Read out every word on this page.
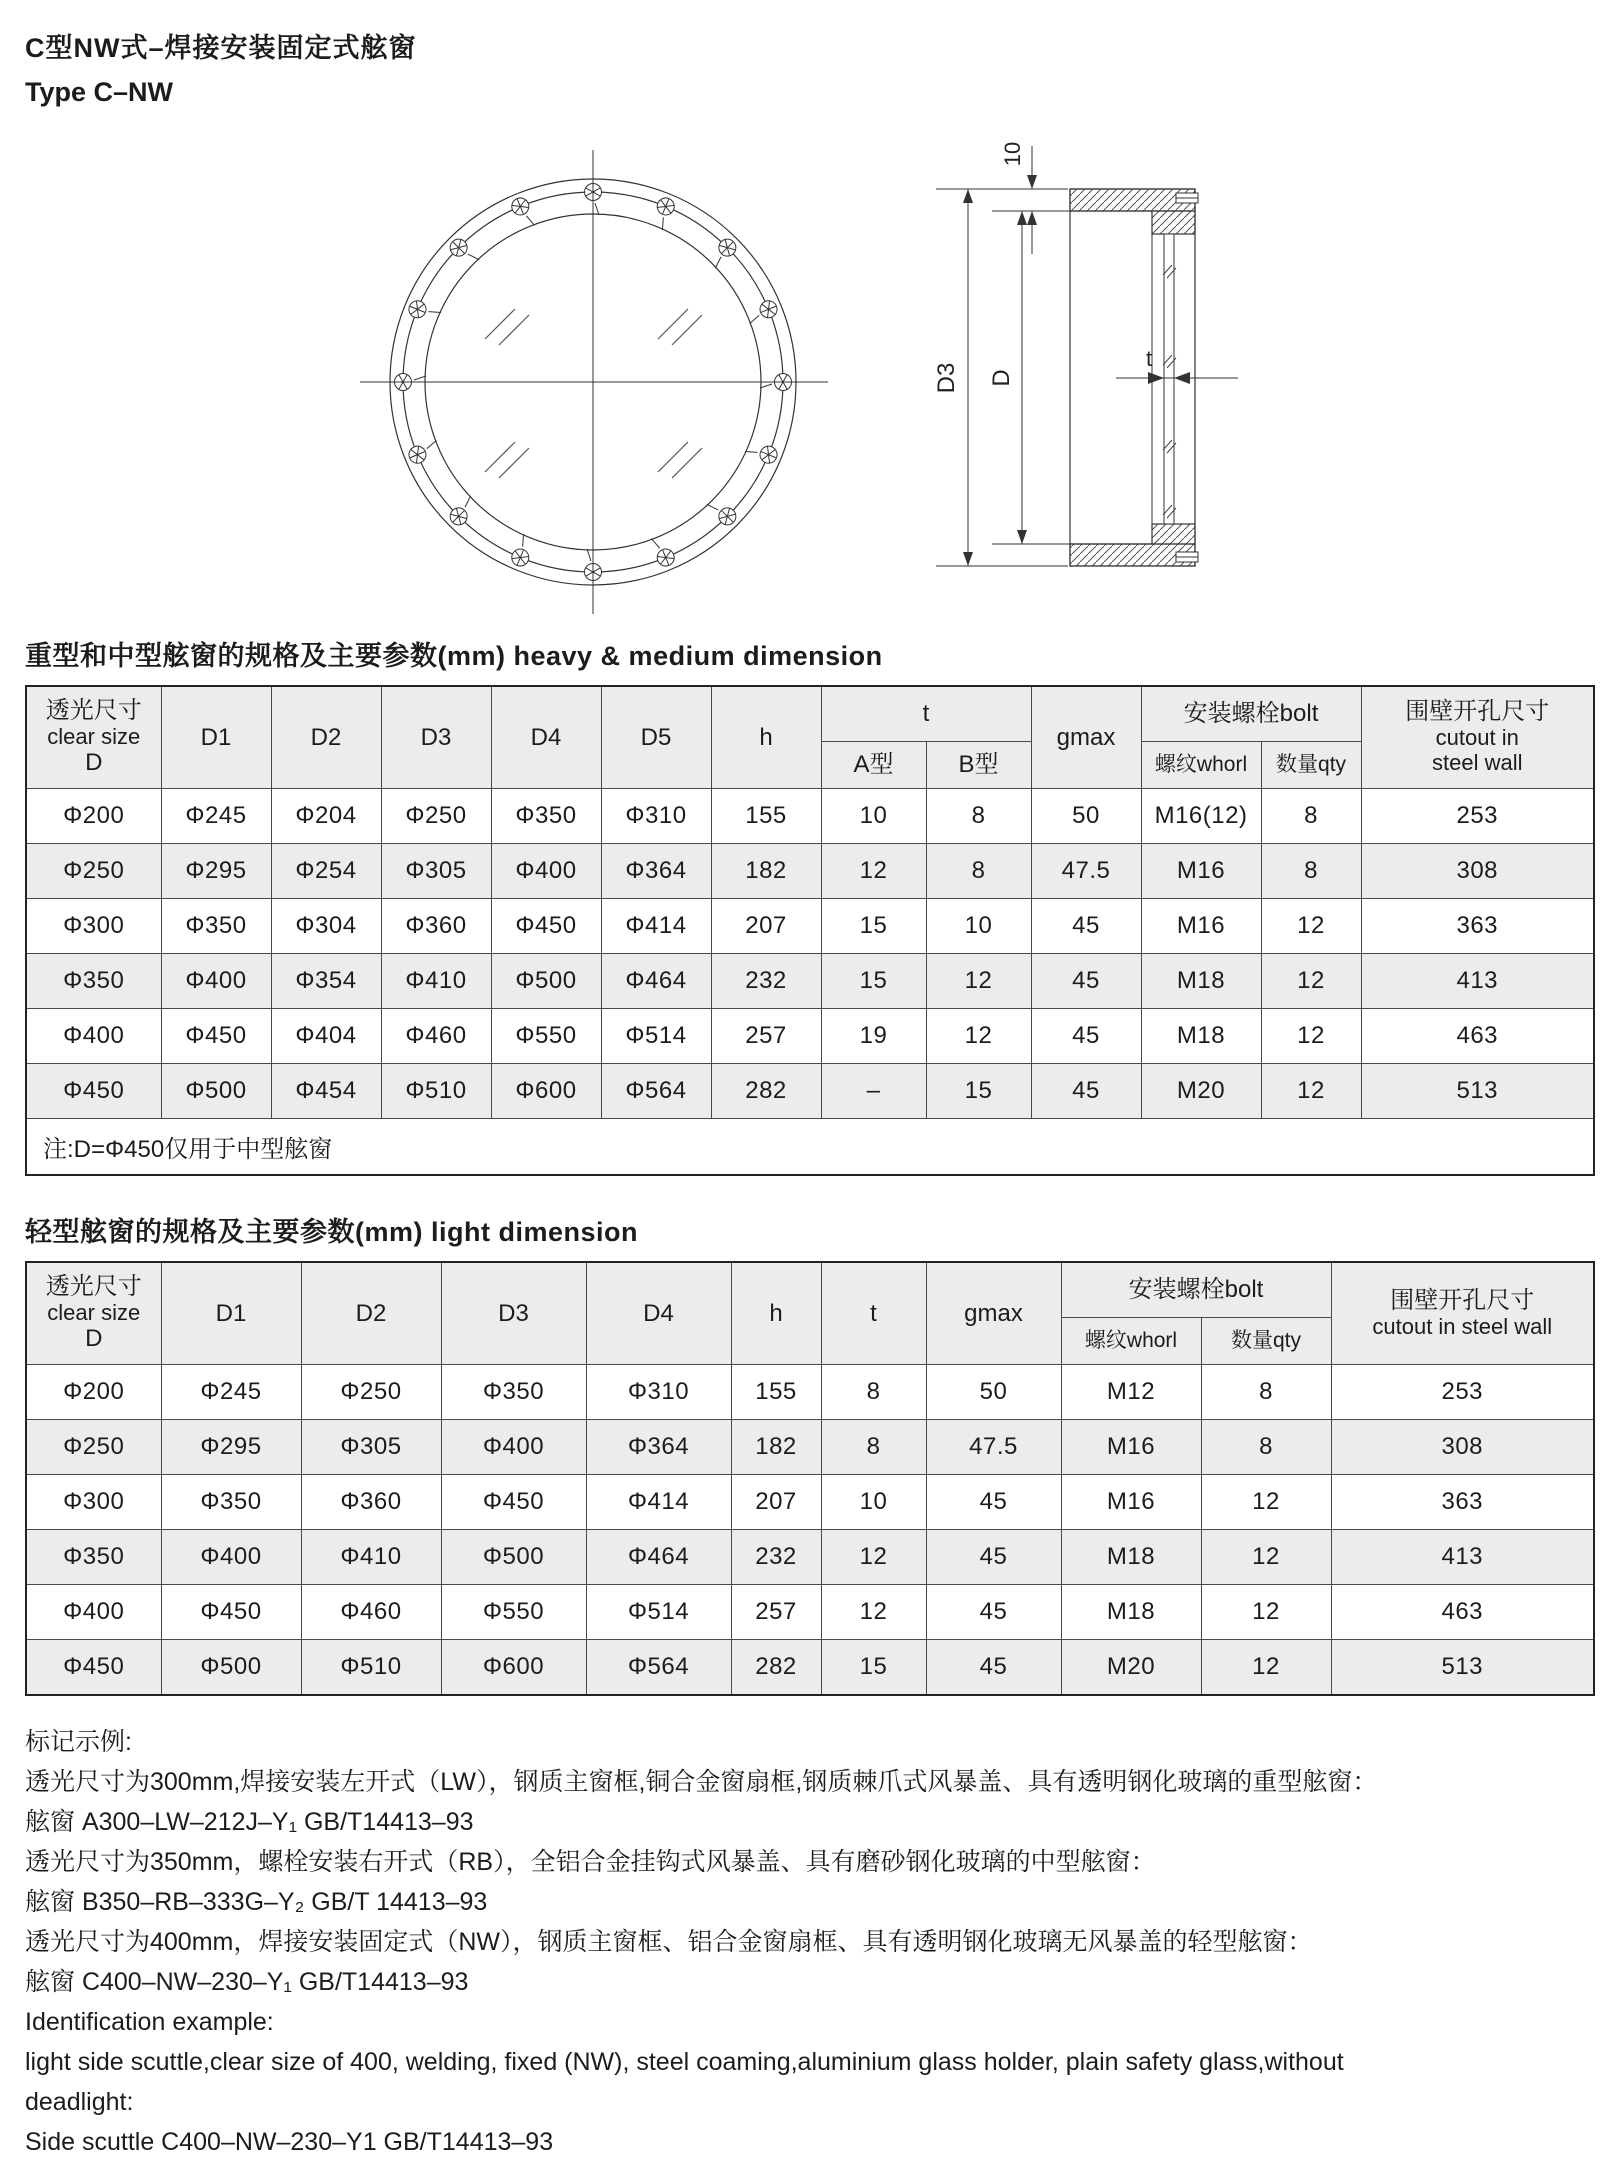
C型NW式–焊接安装固定式舷窗
Type C–NW
D3 D
10
t
重型和中型舷窗的规格及主要参数(mm) heavy & medium dimension
透光尺寸
clear size
D	D1	D2	D3	D4	D5	h	t		gmax	安装螺栓bolt		围壁开孔尺寸
cutout in
steel wall

							A型	B型		螺纹whorl	数量qty	
Φ200	Φ245	Φ204	Φ250	Φ350	Φ310	155	10	8	50	M16(12)	8	253
Φ250	Φ295	Φ254	Φ305	Φ400	Φ364	182	12	8	47.5	M16	8	308
Φ300	Φ350	Φ304	Φ360	Φ450	Φ414	207	15	10	45	M16	12	363
Φ350	Φ400	Φ354	Φ410	Φ500	Φ464	232	15	12	45	M18	12	413
Φ400	Φ450	Φ404	Φ460	Φ550	Φ514	257	19	12	45	M18	12	463
Φ450	Φ500	Φ454	Φ510	Φ600	Φ564	282	–	15	45	M20	12	513
注:D=Φ450仅用于中型舷窗												
轻型舷窗的规格及主要参数(mm) light dimension
透光尺寸
clear size
D	D1	D2	D3	D4	h	t	gmax	安装螺栓bolt		围壁开孔尺寸
cutout in steel wall

								螺纹whorl	数量qty	
Φ200	Φ245	Φ250	Φ350	Φ310	155	8	50	M12	8	253
Φ250	Φ295	Φ305	Φ400	Φ364	182	8	47.5	M16	8	308
Φ300	Φ350	Φ360	Φ450	Φ414	207	10	45	M16	12	363
Φ350	Φ400	Φ410	Φ500	Φ464	232	12	45	M18	12	413
Φ400	Φ450	Φ460	Φ550	Φ514	257	12	45	M18	12	463
Φ450	Φ500	Φ510	Φ600	Φ564	282	15	45	M20	12	513

标记示例:

透光尺寸为300mm,焊接安装左开式（LW），钢质主窗框,铜合金窗扇框,钢质棘爪式风暴盖、具有透明钢化玻璃的重型舷窗：

舷窗 A300–LW–212J–Y₁ GB/T14413–93

透光尺寸为350mm，螺栓安装右开式（RB），全铝合金挂钩式风暴盖、具有磨砂钢化玻璃的中型舷窗：

舷窗 B350–RB–333G–Y₂ GB/T 14413–93

透光尺寸为400mm，焊接安装固定式（NW），钢质主窗框、铝合金窗扇框、具有透明钢化玻璃无风暴盖的轻型舷窗：

舷窗 C400–NW–230–Y₁ GB/T14413–93

Identification example:

light side scuttle,clear size of 400, welding, fixed (NW), steel coaming,aluminium glass holder, plain safety glass,without

deadlight:

Side scuttle C400–NW–230–Y1 GB/T14413–93
